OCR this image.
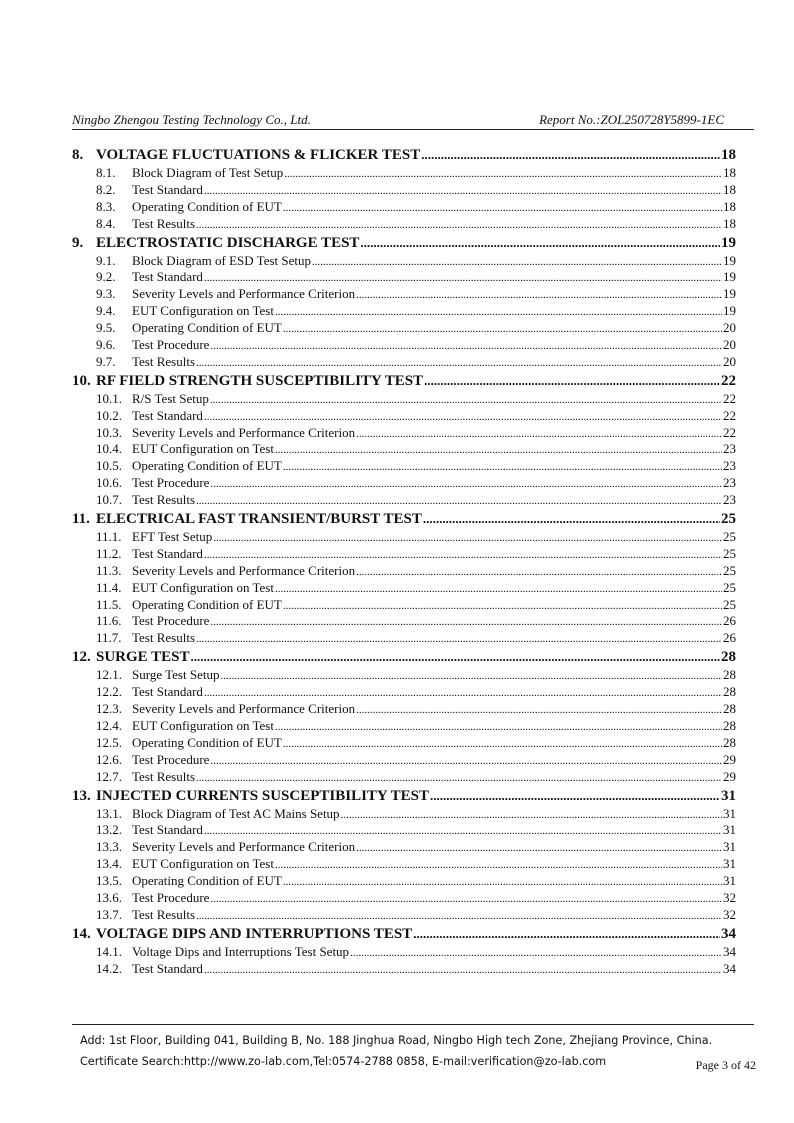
Ningbo Zhengou Testing Technology Co., Ltd.	Report No.:ZOL250728Y5899-1EC
8. VOLTAGE FLUCTUATIONS & FLICKER TEST .....	18
8.1.	Block Diagram of Test Setup .....	18
8.2.	Test Standard .....	18
8.3.	Operating Condition of EUT .....	18
8.4.	Test Results .....	18
9. ELECTROSTATIC DISCHARGE TEST .....	19
9.1.	Block Diagram of ESD Test Setup .....	19
9.2.	Test Standard .....	19
9.3.	Severity Levels and Performance Criterion .....	19
9.4.	EUT Configuration on Test .....	19
9.5.	Operating Condition of EUT .....	20
9.6.	Test Procedure .....	20
9.7.	Test Results .....	20
10. RF FIELD STRENGTH SUSCEPTIBILITY TEST .....	22
10.1. R/S Test Setup .....	22
10.2. Test Standard .....	22
10.3. Severity Levels and Performance Criterion .....	22
10.4. EUT Configuration on Test .....	23
10.5. Operating Condition of EUT .....	23
10.6. Test Procedure .....	23
10.7. Test Results .....	23
11. ELECTRICAL FAST TRANSIENT/BURST TEST .....	25
11.1. EFT Test Setup .....	25
11.2. Test Standard .....	25
11.3. Severity Levels and Performance Criterion .....	25
11.4. EUT Configuration on Test .....	25
11.5. Operating Condition of EUT .....	25
11.6. Test Procedure .....	26
11.7. Test Results .....	26
12. SURGE TEST .....	28
12.1. Surge Test Setup .....	28
12.2. Test Standard .....	28
12.3. Severity Levels and Performance Criterion .....	28
12.4. EUT Configuration on Test .....	28
12.5. Operating Condition of EUT .....	28
12.6. Test Procedure .....	29
12.7. Test Results .....	29
13. INJECTED CURRENTS SUSCEPTIBILITY TEST .....	31
13.1. Block Diagram of Test AC Mains Setup .....	31
13.2. Test Standard .....	31
13.3. Severity Levels and Performance Criterion .....	31
13.4. EUT Configuration on Test .....	31
13.5. Operating Condition of EUT .....	31
13.6. Test Procedure .....	32
13.7. Test Results .....	32
14. VOLTAGE DIPS AND INTERRUPTIONS TEST .....	34
14.1. Voltage Dips and Interruptions Test Setup .....	34
14.2. Test Standard .....	34
Add: 1st Floor, Building 041, Building B, No. 188 Jinghua Road, Ningbo High tech Zone, Zhejiang Province, China.
Certificate Search:http://www.zo-lab.com,Tel:0574-2788 0858, E-mail:verification@zo-lab.com	Page 3 of 42
